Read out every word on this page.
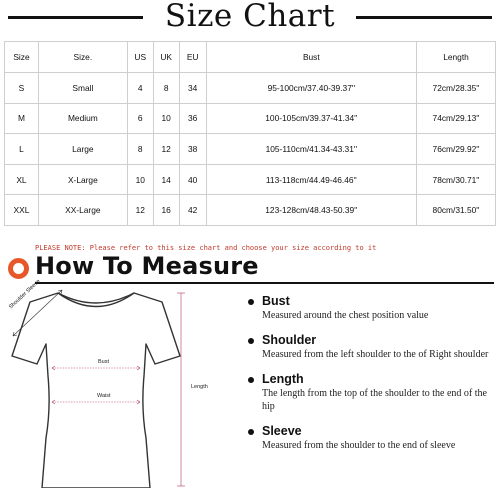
Size Chart
Size	Size.	US	UK	EU	Bust	Length
S	Small	4	8	34	95-100cm/37.40-39.37''	72cm/28.35''
M	Medium	6	10	36	100-105cm/39.37-41.34''	74cm/29.13''
L	Large	8	12	38	105-110cm/41.34-43.31''	76cm/29.92''
XL	X-Large	10	14	40	113-118cm/44.49-46.46''	78cm/30.71''
XXL	XX-Large	12	16	42	123-128cm/48.43-50.39''	80cm/31.50''
PLEASE NOTE: Please refer to this size chart and choose your size according to it
How To Measure
Shoulder Sleeve
Bust
Waist
Length
Bust
Measured around the chest position value
Shoulder
Measured from the left shoulder to the of Right shoulder
Length
The length from the top of the shoulder to the end of the hip
Sleeve
Measured from the shoulder to the end of sleeve
